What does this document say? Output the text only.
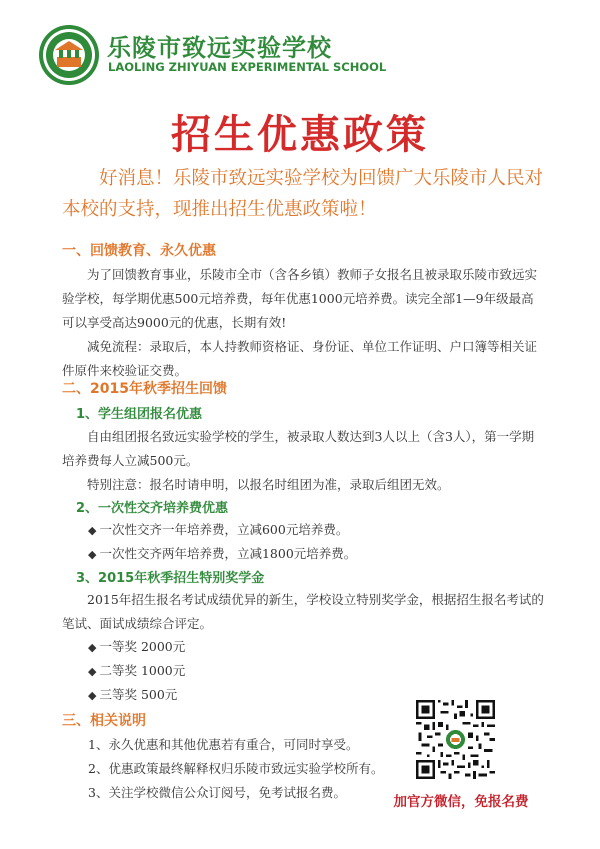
乐陵市致远实验学校
LAOLING ZHIYUAN EXPERIMENTAL SCHOOL
招生优惠政策
好消息！乐陵市致远实验学校为回馈广大乐陵市人民对本校的支持，现推出招生优惠政策啦！
一、回馈教育、永久优惠
为了回馈教育事业，乐陵市全市（含各乡镇）教师子女报名且被录取乐陵市致远实验学校，每学期优惠500元培养费，每年优惠1000元培养费。读完全部1—9年级最高可以享受高达9000元的优惠，长期有效!
减免流程：录取后，本人持教师资格证、身份证、单位工作证明、户口簿等相关证件原件来校验证交费。
二、2015年秋季招生回馈
1、学生组团报名优惠
自由组团报名致远实验学校的学生，被录取人数达到3人以上（含3人），第一学期培养费每人立减500元。
特别注意：报名时请申明，以报名时组团为准，录取后组团无效。
2、一次性交齐培养费优惠
◆ 一次性交齐一年培养费，立减600元培养费。
◆ 一次性交齐两年培养费，立减1800元培养费。
3、2015年秋季招生特别奖学金
2015年招生报名考试成绩优异的新生，学校设立特别奖学金，根据招生报名考试的笔试、面试成绩综合评定。
◆ 一等奖 2000元
◆ 二等奖 1000元
◆ 三等奖 500元
三、相关说明
1、永久优惠和其他优惠若有重合，可同时享受。
2、优惠政策最终解释权归乐陵市致远实验学校所有。
3、关注学校微信公众订阅号，免考试报名费。
加官方微信，免报名费
